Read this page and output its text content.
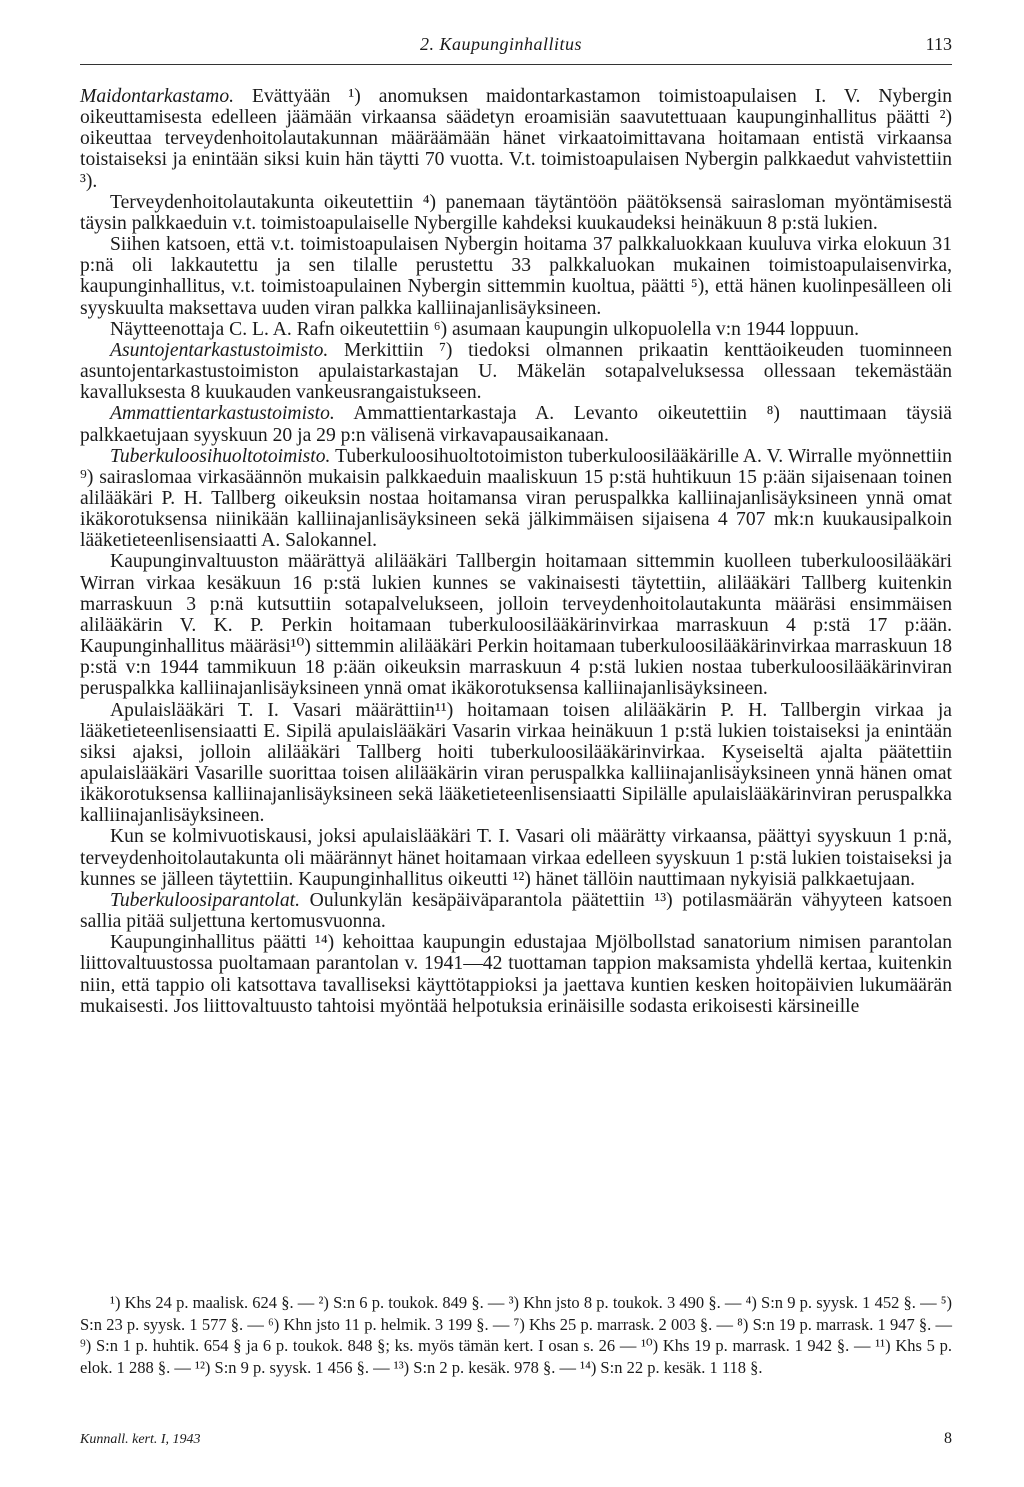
2. Kaupunginhallitus	113

Maidontarkastamo. Evättyään ¹) anomuksen maidontarkastamon toimistoapulaisen I. V. Nybergin oikeuttamisesta edelleen jäämään virkaansa säädetyn eroamisiän saavutettuaan kaupunginhallitus päätti ²) oikeuttaa terveydenhoitolautakunnan määräämään hänet virkaatoimittavana hoitamaan entistä virkaansa toistaiseksi ja enintään siksi kuin hän täytti 70 vuotta. V.t. toimistoapulaisen Nybergin palkkaedut vahvistettiin ³).

Terveydenhoitolautakunta oikeutettiin ⁴) panemaan täytäntöön päätöksensä sairasloman myöntämisestä täysin palkkaeduin v.t. toimistoapulaiselle Nybergille kahdeksi kuukaudeksi heinäkuun 8 p:stä lukien.

Siihen katsoen, että v.t. toimistoapulaisen Nybergin hoitama 37 palkkaluokkaan kuuluva virka elokuun 31 p:nä oli lakkautettu ja sen tilalle perustettu 33 palkkaluokan mukainen toimistoapulaisenvirka, kaupunginhallitus, v.t. toimistoapulainen Nybergin sittemmin kuoltua, päätti ⁵), että hänen kuolinpesälleen oli syyskuulta maksettava uuden viran palkka kalliinajanlisäyksineen.

Näytteenottaja C. L. A. Rafn oikeutettiin ⁶) asumaan kaupungin ulkopuolella v:n 1944 loppuun.

Asuntojentarkastustoimisto. Merkittiin ⁷) tiedoksi olmannen prikaatin kenttäoikeuden tuominneen asuntojentarkastustoimiston apulaistarkastajan U. Mäkelän sotapalveluksessa ollessaan tekemästään kavalluksesta 8 kuukauden vankeusrangaistukseen.

Ammattientarkastustoimisto. Ammattientarkastaja A. Levanto oikeutettiin ⁸) nauttimaan täysiä palkkaetujaan syyskuun 20 ja 29 p:n välisenä virkavapausaikanaan.

Tuberkuloosihuoltotoimisto. Tuberkuloosihuoltotoimiston tuberkuloosilääkärille A. V. Wirralle myönnettiin ⁹) sairaslomaa virkasäännön mukaisin palkkaeduin maaliskuun 15 p:stä huhtikuun 15 p:ään sijaisenaan toinen alilääkäri P. H. Tallberg oikeuksin nostaa hoitamansa viran peruspalkka kalliinajanlisäyksineen ynnä omat ikäkorotuksensa niinikään kalliinajanlisäyksineen sekä jälkimmäisen sijaisena 4 707 mk:n kuukausipalkoin lääketieteenlisensiaatti A. Salokannel.

Kaupunginvaltuuston määrättyä alilääkäri Tallbergin hoitamaan sittemmin kuolleen tuberkuloosilääkäri Wirran virkaa kesäkuun 16 p:stä lukien kunnes se vakinaisesti täytettiin, alilääkäri Tallberg kuitenkin marraskuun 3 p:nä kutsuttiin sotapalvelukseen, jolloin terveydenhoitolautakunta määräsi ensimmäisen alilääkärin V. K. P. Perkin hoitamaan tuberkuloosilääkärinvirkaa marraskuun 4 p:stä 17 p:ään. Kaupunginhallitus määräsi¹⁰) sittemmin alilääkäri Perkin hoitamaan tuberkuloosilääkärinvirkaa marraskuun 18 p:stä v:n 1944 tammikuun 18 p:ään oikeuksin marraskuun 4 p:stä lukien nostaa tuberkuloosilääkärinviran peruspalkka kalliinajanlisäyksineen ynnä omat ikäkorotuksensa kalliinajanlisäyksineen.

Apulaislääkäri T. I. Vasari määrättiin¹¹) hoitamaan toisen alilääkärin P. H. Tallbergin virkaa ja lääketieteenlisensiaatti E. Sipilä apulaislääkäri Vasarin virkaa heinäkuun 1 p:stä lukien toistaiseksi ja enintään siksi ajaksi, jolloin alilääkäri Tallberg hoiti tuberkuloosilääkärinvirkaa. Kyseiseltä ajalta päätettiin apulaislääkäri Vasarille suorittaa toisen alilääkärin viran peruspalkka kalliinajanlisäyksineen ynnä hänen omat ikäkorotuksensa kalliinajanlisäyksineen sekä lääketieteenlisensiaatti Sipilälle apulaislääkärinviran peruspalkka kalliinajanlisäyksineen.

Kun se kolmivuotiskausi, joksi apulaislääkäri T. I. Vasari oli määrätty virkaansa, päättyi syyskuun 1 p:nä, terveydenhoitolautakunta oli määrännyt hänet hoitamaan virkaa edelleen syyskuun 1 p:stä lukien toistaiseksi ja kunnes se jälleen täytettiin. Kaupunginhallitus oikeutti ¹²) hänet tällöin nauttimaan nykyisiä palkkaetujaan.

Tuberkuloosiparantolat. Oulunkylän kesäpäiväparantola päätettiin ¹³) potilasmäärän vähyyteen katsoen sallia pitää suljettuna kertomusvuonna.

Kaupunginhallitus päätti ¹⁴) kehoittaa kaupungin edustajaa Mjölbollstad sanatorium nimisen parantolan liittovaltuustossa puoltamaan parantolan v. 1941—42 tuottaman tappion maksamista yhdellä kertaa, kuitenkin niin, että tappio oli katsottava tavalliseksi käyttötappioksi ja jaettava kuntien kesken hoitopäivien lukumäärän mukaisesti. Jos liittovaltuusto tahtoisi myöntää helpotuksia erinäisille sodasta erikoisesti kärsineille

¹) Khs 24 p. maalisk. 624 §. — ²) S:n 6 p. toukok. 849 §. — ³) Khn jsto 8 p. toukok. 3 490 §. — ⁴) S:n 9 p. syysk. 1 452 §. — ⁵) S:n 23 p. syysk. 1 577 §. — ⁶) Khn jsto 11 p. helmik. 3 199 §. — ⁷) Khs 25 p. marrask. 2 003 §. — ⁸) S:n 19 p. marrask. 1 947 §. — ⁹) S:n 1 p. huhtik. 654 § ja 6 p. toukok. 848 §; ks. myös tämän kert. I osan s. 26 — ¹⁰) Khs 19 p. marrask. 1 942 §. — ¹¹) Khs 5 p. elok. 1 288 §. — ¹²) S:n 9 p. syysk. 1 456 §. — ¹³) S:n 2 p. kesäk. 978 §. — ¹⁴) S:n 22 p. kesäk. 1 118 §.

Kunnall. kert. I, 1943	8
